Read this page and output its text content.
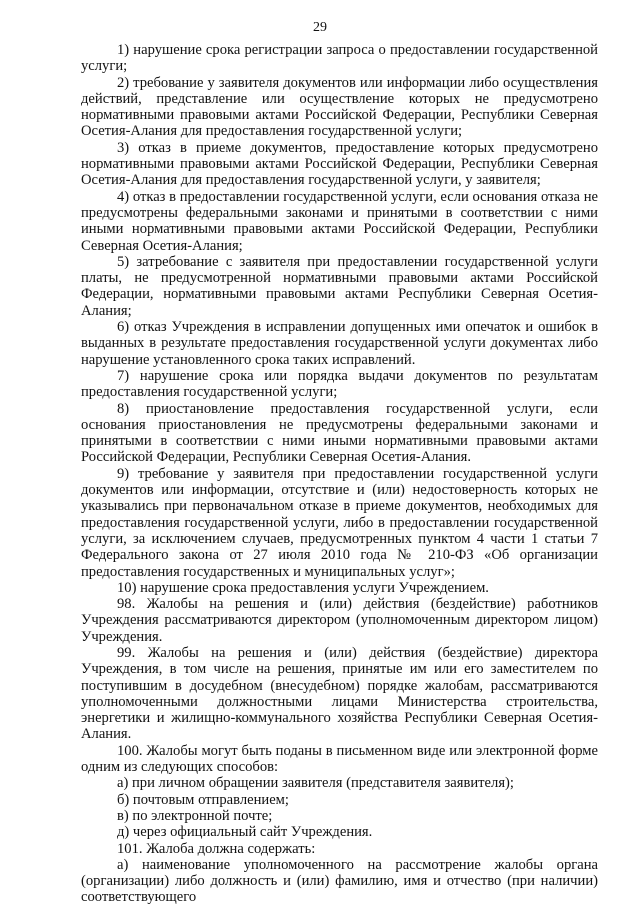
29

1) нарушение срока регистрации запроса о предоставлении государственной услуги;

2) требование у заявителя документов или информации либо осуществления действий, представление или осуществление которых не предусмотрено нормативными правовыми актами Российской Федерации, Республики Северная Осетия-Алания для предоставления государственной услуги;

3) отказ в приеме документов, предоставление которых предусмотрено нормативными правовыми актами Российской Федерации, Республики Северная Осетия-Алания для предоставления государственной услуги, у заявителя;

4) отказ в предоставлении государственной услуги, если основания отказа не предусмотрены федеральными законами и принятыми в соответствии с ними иными нормативными правовыми актами Российской Федерации, Республики Северная Осетия-Алания;

5) затребование с заявителя при предоставлении государственной услуги платы, не предусмотренной нормативными правовыми актами Российской Федерации, нормативными правовыми актами Республики Северная Осетия-Алания;

6) отказ Учреждения в исправлении допущенных ими опечаток и ошибок в выданных в результате предоставления государственной услуги документах либо нарушение установленного срока таких исправлений.

7) нарушение срока или порядка выдачи документов по результатам предоставления государственной услуги;

8) приостановление предоставления государственной услуги, если основания приостановления не предусмотрены федеральными законами и принятыми в соответствии с ними иными нормативными правовыми актами Российской Федерации, Республики Северная Осетия-Алания.

9) требование у заявителя при предоставлении государственной услуги документов или информации, отсутствие и (или) недостоверность которых не указывались при первоначальном отказе в приеме документов, необходимых для предоставления государственной услуги, либо в предоставлении государственной услуги, за исключением случаев, предусмотренных пунктом 4 части 1 статьи 7 Федерального закона от 27 июля 2010 года № 210-ФЗ «Об организации предоставления государственных и муниципальных услуг»;

10) нарушение срока предоставления услуги Учреждением.

98. Жалобы на решения и (или) действия (бездействие) работников Учреждения рассматриваются директором (уполномоченным директором лицом) Учреждения.

99. Жалобы на решения и (или) действия (бездействие) директора Учреждения, в том числе на решения, принятые им или его заместителем по поступившим в досудебном (внесудебном) порядке жалобам, рассматриваются уполномоченными должностными лицами Министерства строительства, энергетики и жилищно-коммунального хозяйства Республики Северная Осетия-Алания.

100. Жалобы могут быть поданы в письменном виде или электронной форме одним из следующих способов:

а) при личном обращении заявителя (представителя заявителя);

б) почтовым отправлением;

в) по электронной почте;

д) через официальный сайт Учреждения.

101. Жалоба должна содержать:

а) наименование уполномоченного на рассмотрение жалобы органа (организации) либо должность и (или) фамилию, имя и отчество (при наличии) соответствующего
